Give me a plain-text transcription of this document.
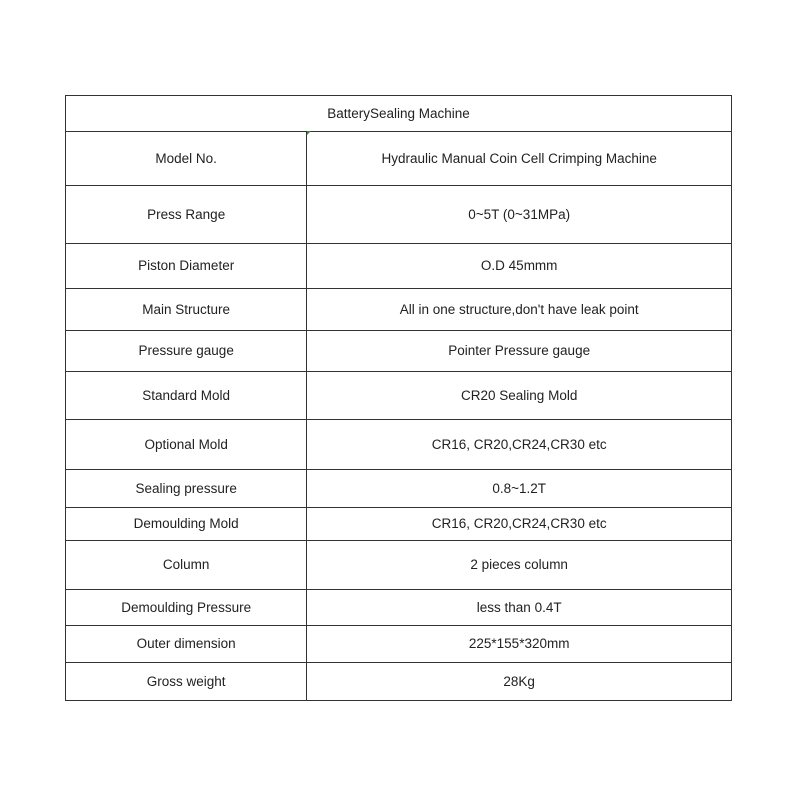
BatterySealing Machine	
Model No.	Hydraulic Manual Coin Cell Crimping Machine
Press Range	0~5T (0~31MPa)
Piston Diameter	O.D 45mmm
Main Structure	All in one structure,don't have leak point
Pressure gauge	Pointer Pressure gauge
Standard Mold	CR20 Sealing Mold
Optional Mold	CR16, CR20,CR24,CR30 etc
Sealing pressure	0.8~1.2T
Demoulding Mold	CR16, CR20,CR24,CR30 etc
Column	2 pieces column
Demoulding Pressure	less than 0.4T
Outer dimension	225*155*320mm
Gross weight	28Kg
